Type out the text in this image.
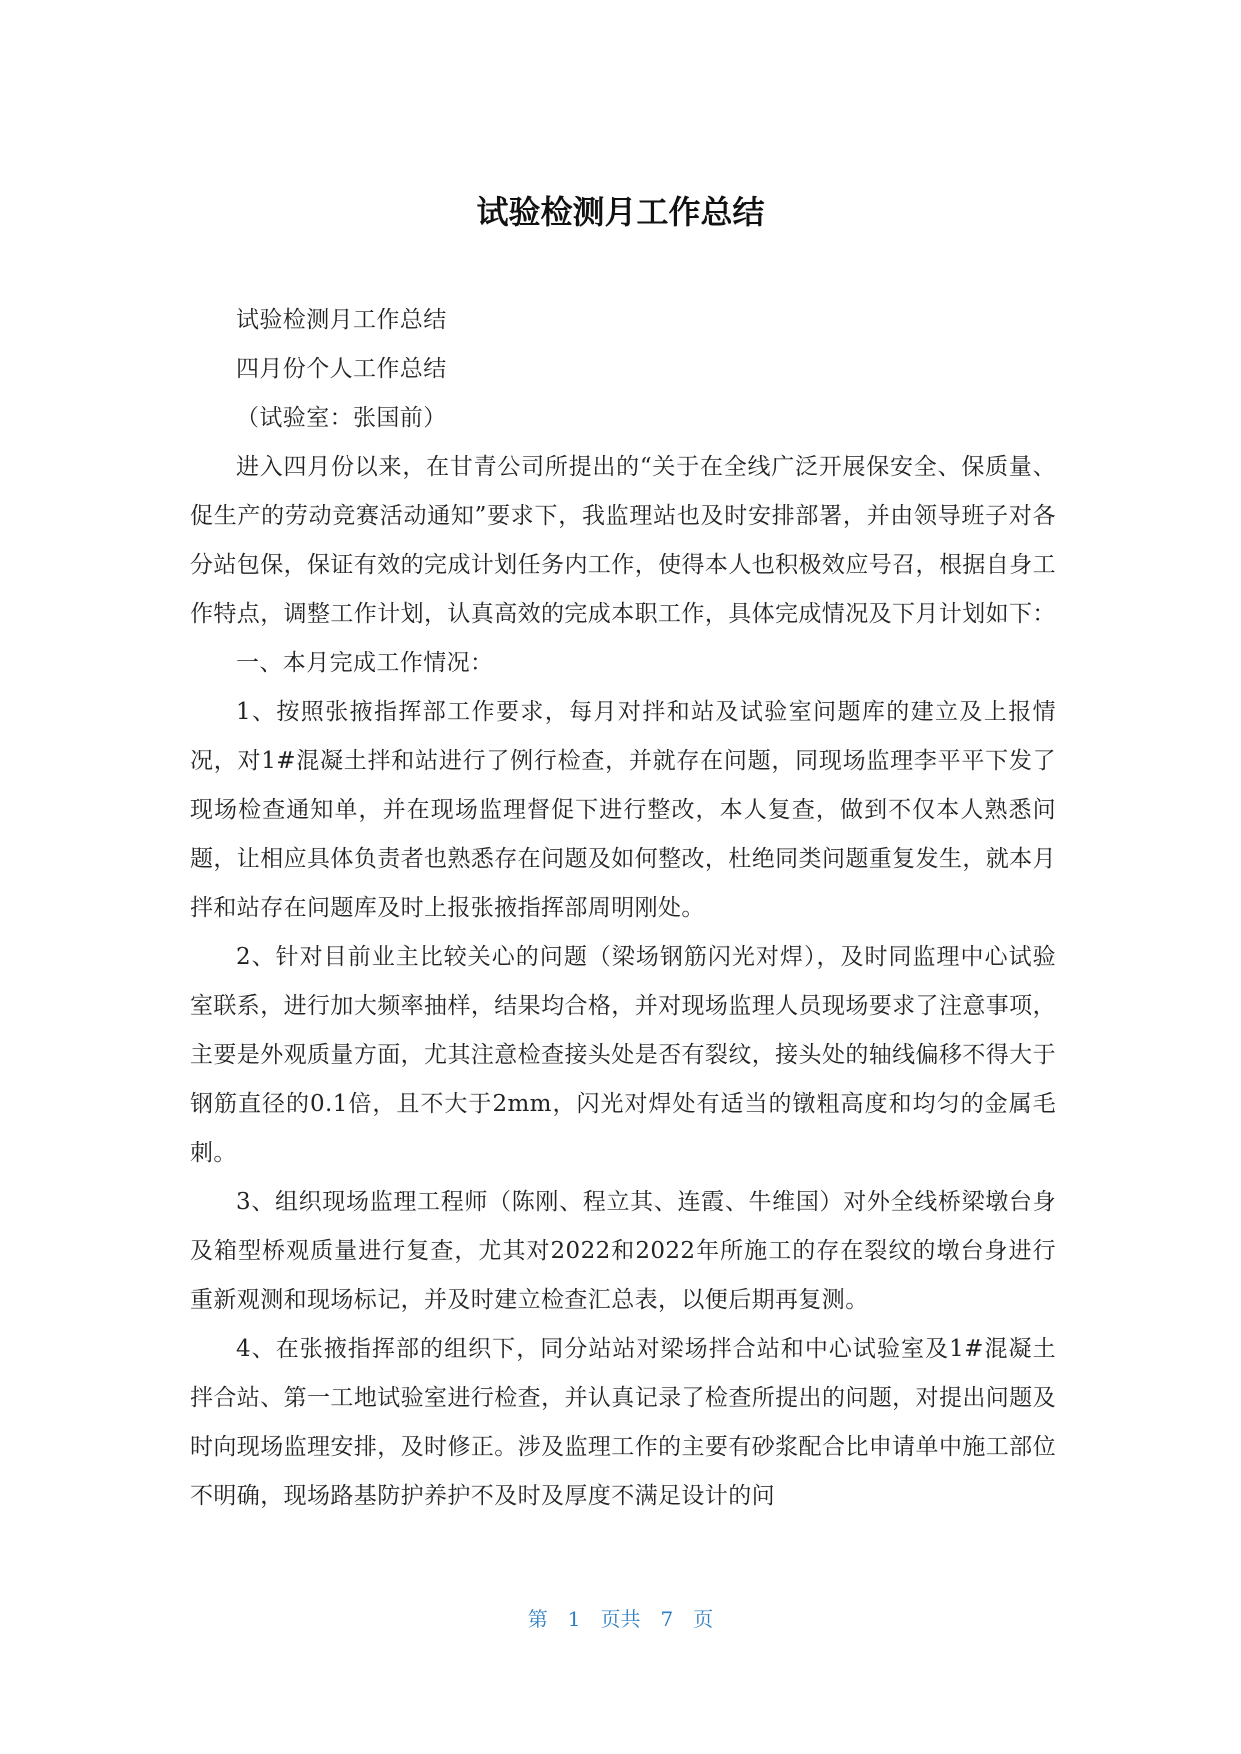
试验检测月工作总结

试验检测月工作总结

四月份个人工作总结

（试验室：张国前）

进入四月份以来，在甘青公司所提出的“关于在全线广泛开展保安全、保质量、促生产的劳动竞赛活动通知”要求下，我监理站也及时安排部署，并由领导班子对各分站包保，保证有效的完成计划任务内工作，使得本人也积极效应号召，根据自身工作特点，调整工作计划，认真高效的完成本职工作，具体完成情况及下月计划如下：

一、本月完成工作情况：

1、按照张掖指挥部工作要求，每月对拌和站及试验室问题库的建立及上报情况，对1#混凝土拌和站进行了例行检查，并就存在问题，同现场监理李平平下发了现场检查通知单，并在现场监理督促下进行整改，本人复查，做到不仅本人熟悉问题，让相应具体负责者也熟悉存在问题及如何整改，杜绝同类问题重复发生，就本月拌和站存在问题库及时上报张掖指挥部周明刚处。

2、针对目前业主比较关心的问题（梁场钢筋闪光对焊），及时同监理中心试验室联系，进行加大频率抽样，结果均合格，并对现场监理人员现场要求了注意事项，主要是外观质量方面，尤其注意检查接头处是否有裂纹，接头处的轴线偏移不得大于钢筋直径的0.1倍，且不大于2mm，闪光对焊处有适当的镦粗高度和均匀的金属毛刺。

3、组织现场监理工程师（陈刚、程立其、连霞、牛维国）对外全线桥梁墩台身及箱型桥观质量进行复查，尤其对2022和2022年所施工的存在裂纹的墩台身进行重新观测和现场标记，并及时建立检查汇总表，以便后期再复测。

4、在张掖指挥部的组织下，同分站站对梁场拌合站和中心试验室及1#混凝土拌合站、第一工地试验室进行检查，并认真记录了检查所提出的问题，对提出问题及时向现场监理安排，及时修正。涉及监理工作的主要有砂浆配合比申请单中施工部位不明确，现场路基防护养护不及时及厚度不满足设计的问

第 1 页共 7 页
